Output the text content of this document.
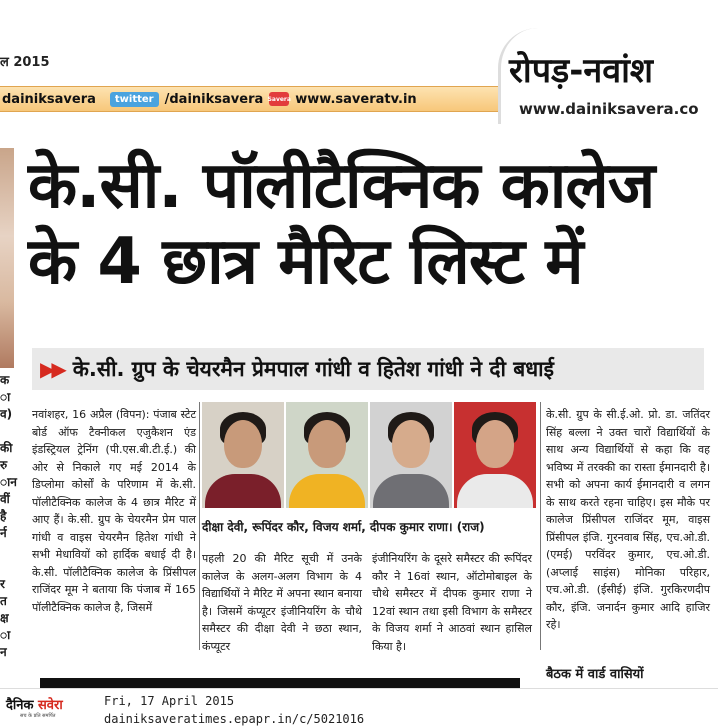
ल 2015
dainiksavera	twitter /dainiksavera Savera www.saveratv.in
रोपड़-नवांश
www.dainiksavera.co
क
ा
व)

की
रु
ान
वीं
है
र्न

र
त
क्ष
ा
न
के.सी. पॉलीटैक्निक कालेज
के 4 छात्र मैरिट लिस्ट में
▶▶ के.सी. ग्रुप के चेयरमैन प्रेमपाल गांधी व हितेश गांधी ने दी बधाई
नवांशहर, 16 अप्रैल (विपन): पंजाब स्टेट बोर्ड ऑफ टैक्नीकल एजुकैशन एंड इंडस्ट्रियल ट्रेनिंग (पी.एस.बी.टी.ई.) की ओर से निकाले गए मई 2014 के डिप्लोमा कोर्सों के परिणाम में के.सी. पॉलीटैक्निक कालेज के 4 छात्र मैरिट में आए हैं। के.सी. ग्रुप के चेयरमैन प्रेम पाल गांधी व वाइस चेयरमैन हितेश गांधी ने सभी मेधावियों को हार्दिक बधाई दी है। के.सी. पॉलीटैक्निक कालेज के प्रिंसीपल राजिंदर मूम ने बताया कि पंजाब में 165 पॉलीटैक्निक कालेज है, जिसमें
दीक्षा देवी, रूपिंदर कौर, विजय शर्मा, दीपक कुमार राणा। (राज)
पहली 20 की मैरिट सूची में उनके कालेज के अलग-अलग विभाग के 4 विद्यार्थियों ने मैरिट में अपना स्थान बनाया है। जिसमें कंप्यूटर इंजीनियरिंग के चौथे समैस्टर की दीक्षा देवी ने छठा स्थान, कंप्यूटरइंजीनियरिंग के दूसरे समैस्टर की रूपिंदर कौर ने 16वां स्थान, ऑटोमोबाइल के चौथे समैस्टर में दीपक कुमार राणा ने 12वां स्थान तथा इसी विभाग के समैस्टर के विजय शर्मा ने आठवां स्थान हासिल किया है।
के.सी. ग्रुप के सी.ई.ओ. प्रो. डा. जतिंदर सिंह बल्ला ने उक्त चारों विद्यार्थियों के साथ अन्य विद्यार्थियों से कहा कि वह भविष्य में तरक्की का रास्ता ईमानदारी है। सभी को अपना कार्य ईमानदारी व लगन के साथ करते रहना चाहिए। इस मौके पर कालेज प्रिंसीपल राजिंदर मूम, वाइस प्रिंसीपल इंजि. गुरनवाब सिंह, एच.ओ.डी. (एमई) परविंदर कुमार, एच.ओ.डी. (अप्लाई साइंस) मोनिका परिहार, एच.ओ.डी. (ईसीई) इंजि. गुरकिरणदीप कौर, इंजि. जनार्दन कुमार आदि हाजिर रहे।
बैठक में वार्ड वासियों
दैनिक सवेरा
सच के प्रति समर्पित
Fri, 17 April 2015
dainiksaveratimes.epapr.in/c/5021016
